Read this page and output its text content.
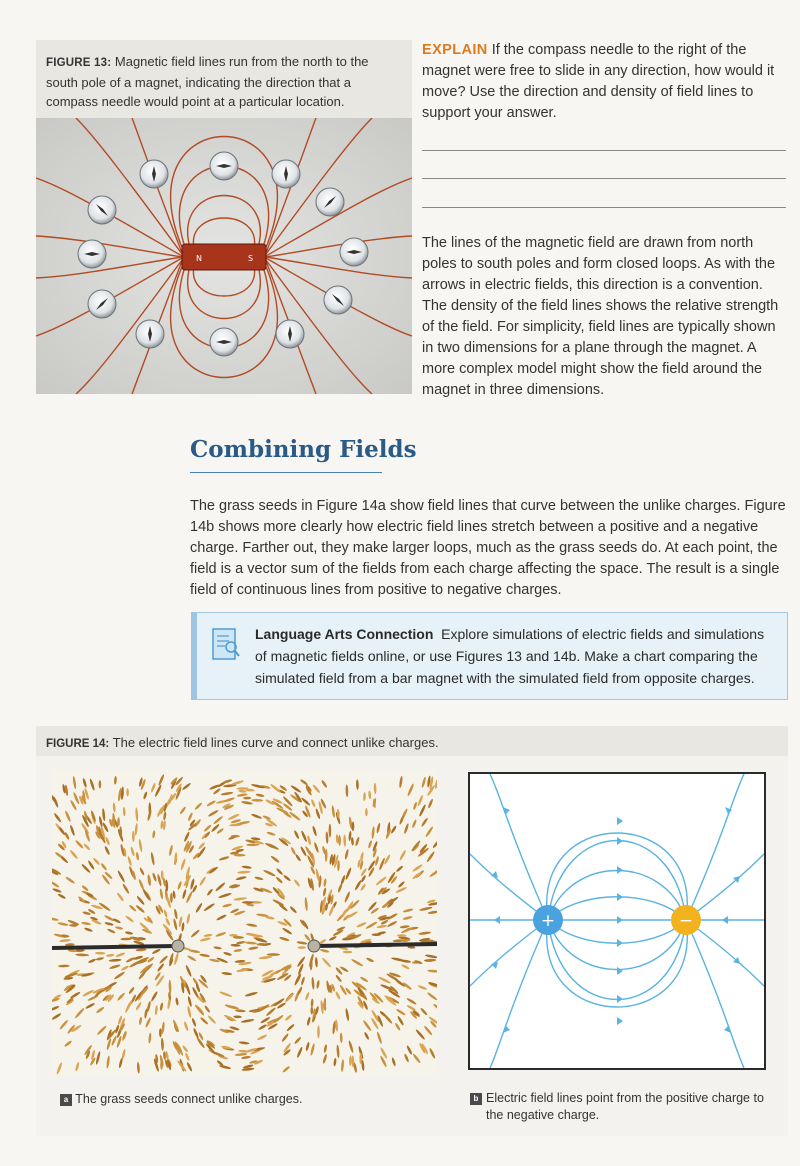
FIGURE 13: Magnetic field lines run from the north to the south pole of a magnet, indicating the direction that a compass needle would point at a particular location.
N	S
EXPLAIN If the compass needle to the right of the magnet were free to slide in any direction, how would it move? Use the direction and density of field lines to support your answer.
The lines of the magnetic field are drawn from north poles to south poles and form closed loops. As with the arrows in electric fields, this direction is a convention. The density of the field lines shows the relative strength of the field. For simplicity, field lines are typically shown in two dimensions for a plane through the magnet. A more complex model might show the field around the magnet in three dimensions.
Combining Fields
The grass seeds in Figure 14a show field lines that curve between the unlike charges. Figure 14b shows more clearly how electric field lines stretch between a positive and a negative charge. Farther out, they make larger loops, much as the grass seeds do. At each point, the field is a vector sum of the fields from each charge affecting the space. The result is a single field of continuous lines from positive to negative charges.
Language Arts Connection Explore simulations of electric fields and simulations of magnetic fields online, or use Figures 13 and 14b. Make a chart comparing the simulated field from a bar magnet with the simulated field from opposite charges.
FIGURE 14: The electric field lines curve and connect unlike charges.
+	−
a The grass seeds connect unlike charges.	b Electric field lines point from the positive charge to the negative charge.
